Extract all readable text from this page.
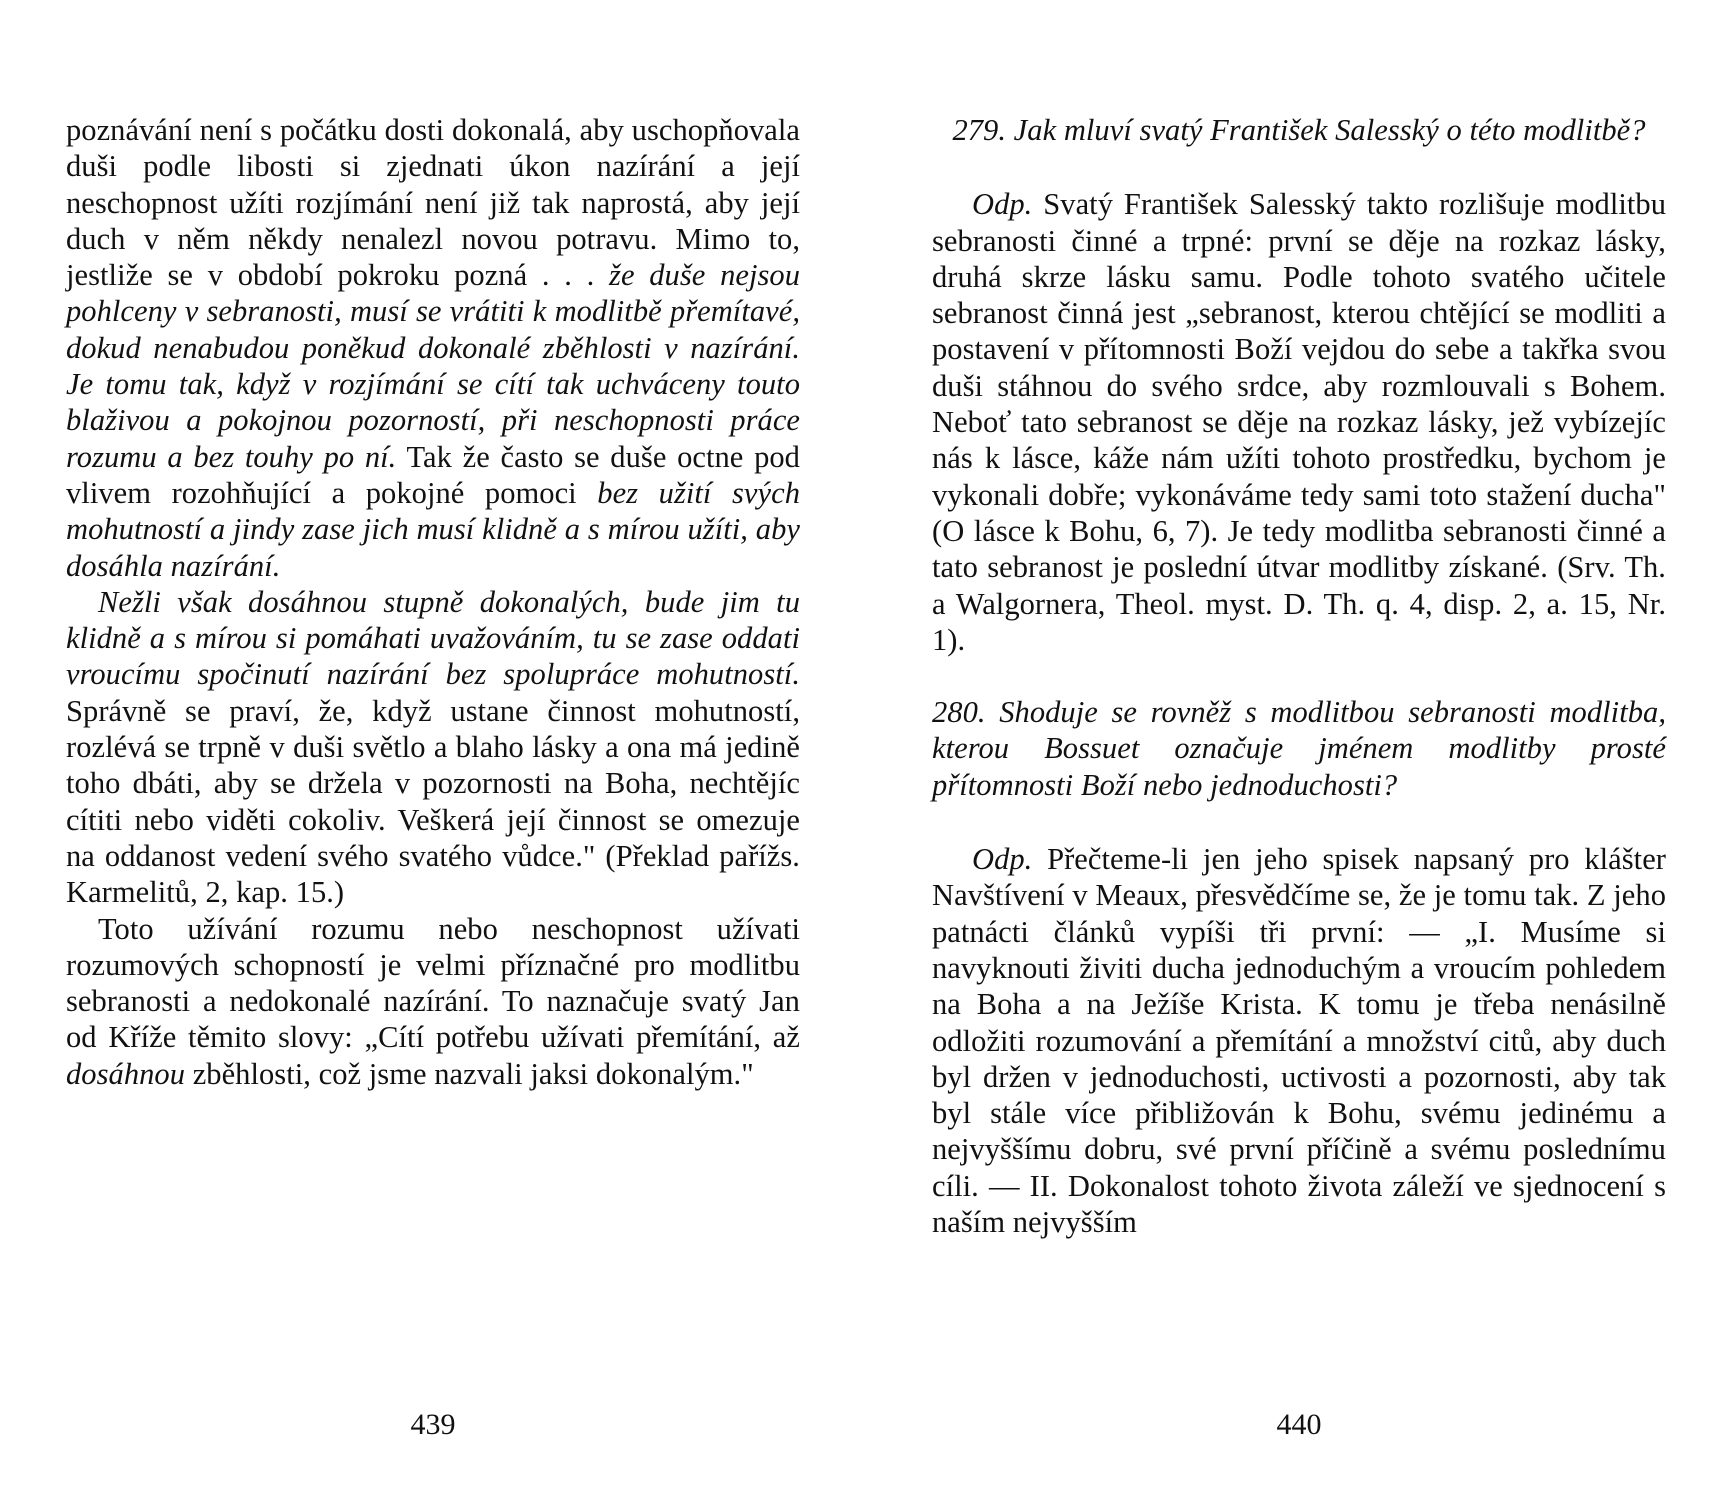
poznávání není s počátku dosti dokonalá, aby uschopňovala duši podle libosti si zjednati úkon nazírání a její neschopnost užíti rozjímání není již tak naprostá, aby její duch v něm někdy nenalezl novou potravu. Mimo to, jestliže se v období pokroku pozná . . . že duše nejsou pohlceny v sebranosti, musí se vrátiti k modlitbě přemítavé, dokud nenabudou poněkud dokonalé zběhlosti v nazírání. Je tomu tak, když v rozjímání se cítí tak uchváceny touto blaživou a pokojnou pozorností, při neschopnosti práce rozumu a bez touhy po ní. Tak že často se duše octne pod vlivem rozohňující a pokojné pomoci bez užití svých mohutností a jindy zase jich musí klidně a s mírou užíti, aby dosáhla nazírání.

Nežli však dosáhnou stupně dokonalých, bude jim tu klidně a s mírou si pomáhati uvažováním, tu se zase oddati vroucímu spočinutí nazírání bez spolupráce mohutností. Správně se praví, že, když ustane činnost mohutností, rozlévá se trpně v duši světlo a blaho lásky a ona má jedině toho dbáti, aby se držela v pozornosti na Boha, nechtějíc cítiti nebo viděti cokoliv. Veškerá její činnost se omezuje na oddanost vedení svého svatého vůdce." (Překlad pařížs. Karmelitů, 2, kap. 15.)

Toto užívání rozumu nebo neschopnost užívati rozumových schopností je velmi příznačné pro modlitbu sebranosti a nedokonalé nazírání. To naznačuje svatý Jan od Kříže těmito slovy: „Cítí potřebu užívati přemítání, až dosáhnou zběhlosti, což jsme nazvali jaksi dokonalým."

439

279. Jak mluví svatý František Salesský o této modlitbě?

Odp. Svatý František Salesský takto rozlišuje modlitbu sebranosti činné a trpné: první se děje na rozkaz lásky, druhá skrze lásku samu. Podle tohoto svatého učitele sebranost činná jest „sebranost, kterou chtějící se modliti a postavení v přítomnosti Boží vejdou do sebe a takřka svou duši stáhnou do svého srdce, aby rozmlouvali s Bohem. Neboť tato sebranost se děje na rozkaz lásky, jež vybízejíc nás k lásce, káže nám užíti tohoto prostředku, bychom je vykonali dobře; vykonáváme tedy sami toto stažení ducha" (O lásce k Bohu, 6, 7). Je tedy modlitba sebranosti činné a tato sebranost je poslední útvar modlitby získané. (Srv. Th. a Walgornera, Theol. myst. D. Th. q. 4, disp. 2, a. 15, Nr. 1).

280. Shoduje se rovněž s modlitbou sebranosti modlitba, kterou Bossuet označuje jménem modlitby prosté přítomnosti Boží nebo jednoduchosti?

Odp. Přečteme-li jen jeho spisek napsaný pro klášter Navštívení v Meaux, přesvědčíme se, že je tomu tak. Z jeho patnácti článků vypíši tři první: — „I. Musíme si navyknouti živiti ducha jednoduchým a vroucím pohledem na Boha a na Ježíše Krista. K tomu je třeba nenásilně odložiti rozumování a přemítání a množství citů, aby duch byl držen v jednoduchosti, uctivosti a pozornosti, aby tak byl stále více přibližován k Bohu, svému jedinému a nejvyššímu dobru, své první příčině a svému poslednímu cíli. — II. Dokonalost tohoto života záleží ve sjednocení s naším nejvyšším

440
